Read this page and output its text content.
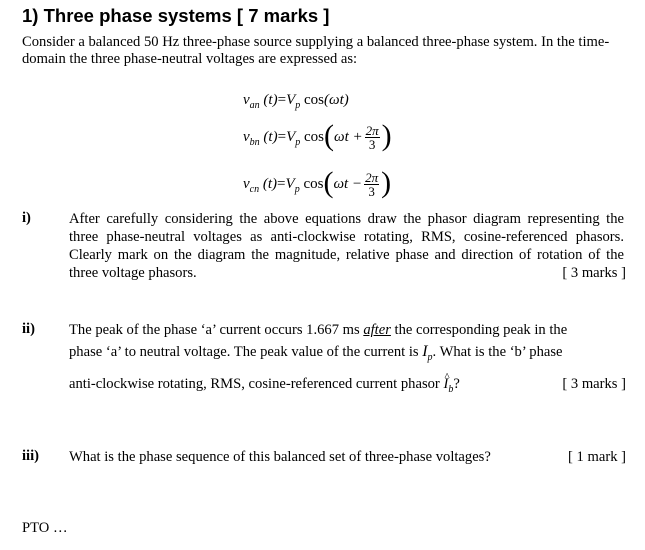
1) Three phase systems [ 7 marks ]
Consider a balanced 50 Hz three-phase source supplying a balanced three-phase system. In the time-domain the three phase-neutral voltages are expressed as:
$v_{an}$ $(t)=V_p$ cos(ωt)
$v_{bn}$ $(t)=V_p$ $\cos(\omega t + \frac{2\pi}{3}$ )
$v_{cn}$ $(t)=V_p$ $\cos(\omega t - \frac{2\pi}{3}$ )
i)	After carefully considering the above equations draw the phasor diagram representing the three phase-neutral voltages as anti-clockwise rotating, RMS, cosine-referenced phasors. Clearly mark on the diagram the magnitude, relative phase and direction of rotation of the three voltage phasors.	[ 3 marks ]
ii) The peak of the phase ‘a’ current occurs 1.667 ms after the corresponding peak in the
phase ‘a’ to neutral voltage. The peak value of the current is $I_p$. What is the ‘b’ phase
anti-clockwise rotating, RMS, cosine-referenced current phasor ^ $I_b$?	[ 3 marks ]
iii) What is the phase sequence of this balanced set of three-phase voltages?	[ 1 mark ]
PTO …
